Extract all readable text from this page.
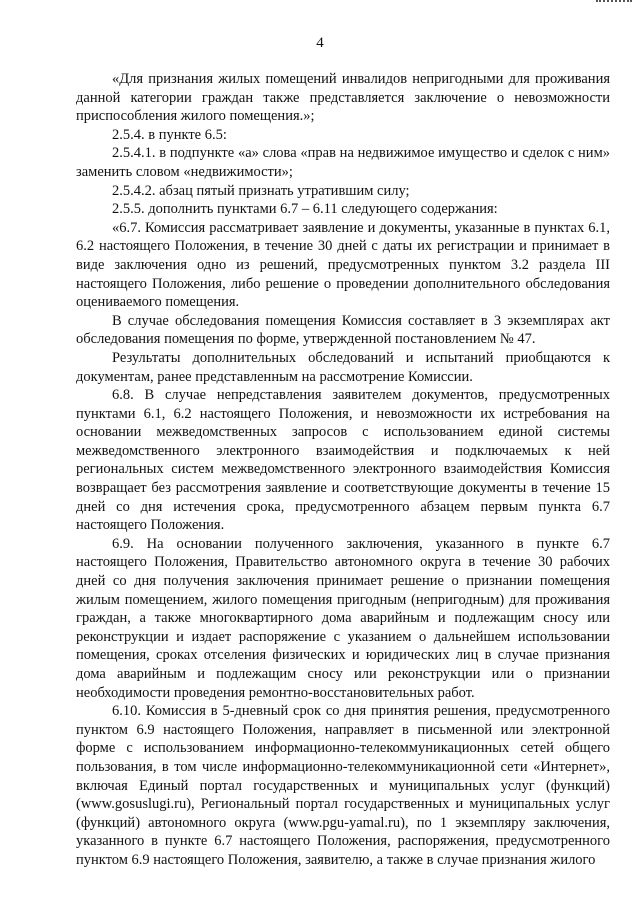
4

«Для признания жилых помещений инвалидов непригодными для проживания данной категории граждан также представляется заключение о невозможности приспособления жилого помещения.»;

2.5.4. в пункте 6.5:

2.5.4.1. в подпункте «а» слова «прав на недвижимое имущество и сделок с ним» заменить словом «недвижимости»;

2.5.4.2. абзац пятый признать утратившим силу;

2.5.5. дополнить пунктами 6.7 – 6.11 следующего содержания:

«6.7. Комиссия рассматривает заявление и документы, указанные в пунктах 6.1, 6.2 настоящего Положения, в течение 30 дней с даты их регистрации и принимает в виде заключения одно из решений, предусмотренных пунктом 3.2 раздела III настоящего Положения, либо решение о проведении дополнительного обследования оцениваемого помещения.

В случае обследования помещения Комиссия составляет в 3 экземплярах акт обследования помещения по форме, утвержденной постановлением № 47.

Результаты дополнительных обследований и испытаний приобщаются к документам, ранее представленным на рассмотрение Комиссии.

6.8. В случае непредставления заявителем документов, предусмотренных пунктами 6.1, 6.2 настоящего Положения, и невозможности их истребования на основании межведомственных запросов с использованием единой системы межведомственного электронного взаимодействия и подключаемых к ней региональных систем межведомственного электронного взаимодействия Комиссия возвращает без рассмотрения заявление и соответствующие документы в течение 15 дней со дня истечения срока, предусмотренного абзацем первым пункта 6.7 настоящего Положения.

6.9. На основании полученного заключения, указанного в пункте 6.7 настоящего Положения, Правительство автономного округа в течение 30 рабочих дней со дня получения заключения принимает решение о признании помещения жилым помещением, жилого помещения пригодным (непригодным) для проживания граждан, а также многоквартирного дома аварийным и подлежащим сносу или реконструкции и издает распоряжение с указанием о дальнейшем использовании помещения, сроках отселения физических и юридических лиц в случае признания дома аварийным и подлежащим сносу или реконструкции или о признании необходимости проведения ремонтно-восстановительных работ.

6.10. Комиссия в 5-дневный срок со дня принятия решения, предусмотренного пунктом 6.9 настоящего Положения, направляет в письменной или электронной форме с использованием информационно-телекоммуникационных сетей общего пользования, в том числе информационно-телекоммуникационной сети «Интернет», включая Единый портал государственных и муниципальных услуг (функций) (www.gosuslugi.ru), Региональный портал государственных и муниципальных услуг (функций) автономного округа (www.pgu-yamal.ru), по 1 экземпляру заключения, указанного в пункте 6.7 настоящего Положения, распоряжения, предусмотренного пунктом 6.9 настоящего Положения, заявителю, а также в случае признания жилого
